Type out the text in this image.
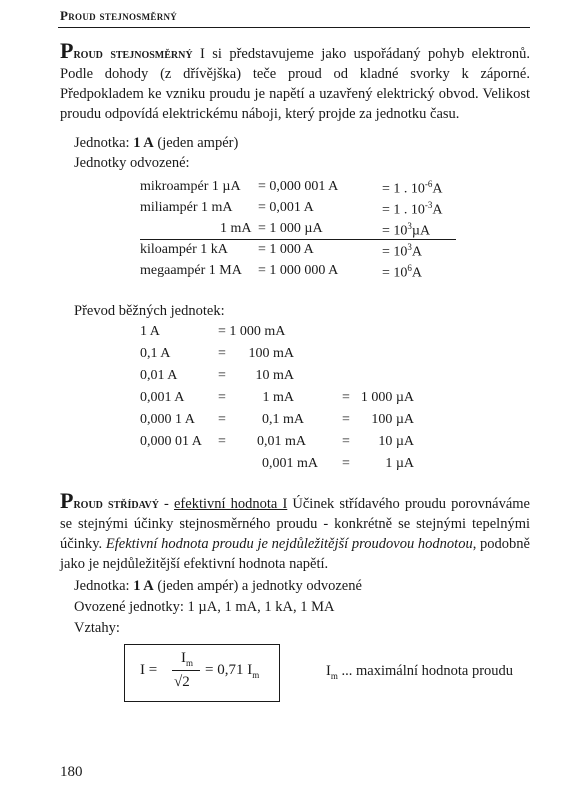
Proud stejnosměrný
Proud stejnosměrný I si představujeme jako uspořádaný pohyb elektronů. Podle dohody (z dřívějška) teče proud od kladné svorky k záporné. Předpokladem ke vzniku proudu je napětí a uzavřený elektrický obvod. Velikost proudu odpovídá elektrickému náboji, který projde za jednotku času.
Jednotka: 1 A (jeden ampér)
Jednotky odvozené:
mikroampér 1 µA = 0,000 001 A	= 1 . $10^{-6}A$
miliampér 1 mA = 0,001 A	= 1 . $10^{-3}A$
1 mA = 1 000 µA	= $10^3\mu A$
kiloampér 1 kA = 1 000 A	= $10^3A$
megaampér 1 MA = 1 000 000 A	= $10^6A$
Převod běžných jednotek:
1 A	= 1 000 mA
0,1 A	=	100 mA
0,01 A	=	10 mA
0,001 A =	1 mA	= 1 000 µA
0,000 1 A =	0,1 mA	=	100 µA
0,000 01 A =	0,01 mA	=	10 µA
0,001 mA =	1 µA
Proud střídavý - efektivní hodnota I Účinek střídavého proudu porovnáváme se stejnými účinky stejnosměrného proudu - konkrétně se stejnými tepelnými účinky. Efektivní hodnota proudu je nejdůležitější proudovou hodnotou, podobně jako je nejdůležitější efektivní hodnota napětí.
Jednotka: 1 A (jeden ampér) a jednotky odvozené
Ovozené jednotky: 1 µA, 1 mA, 1 kA, 1 MA
Vztahy:
I =
$I_m$
√2
= 0,71 $I_m$	$I_m$ ... maximální hodnota proudu
180
